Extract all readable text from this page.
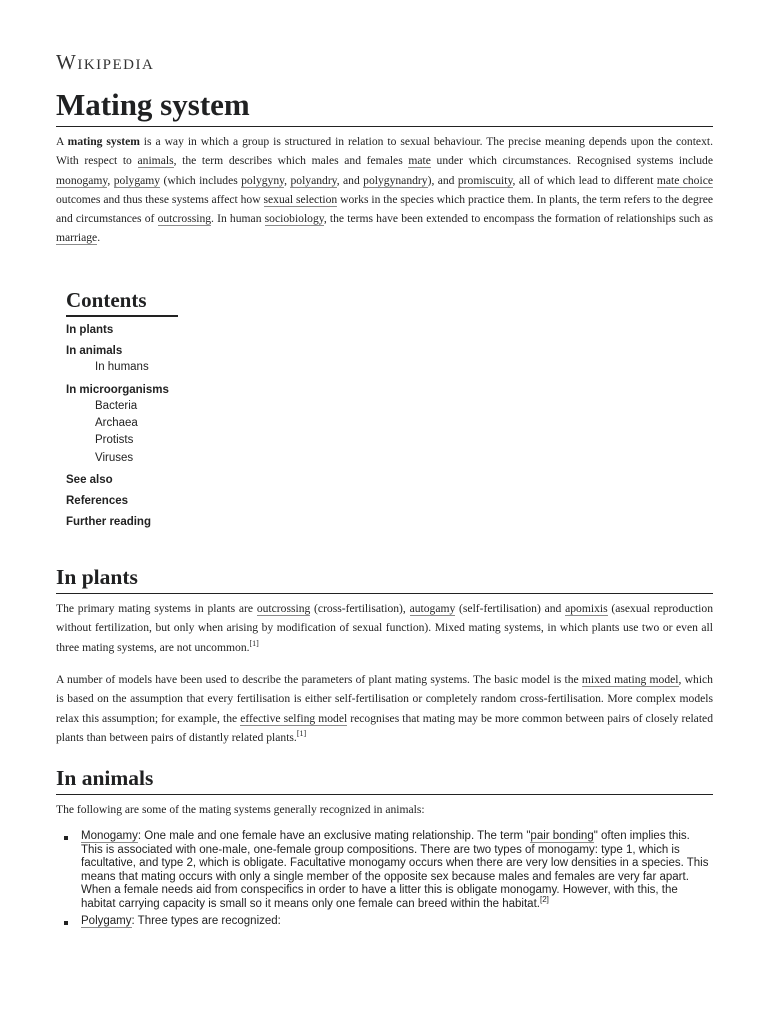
Wikipedia
Mating system

A mating system is a way in which a group is structured in relation to sexual behaviour. The precise meaning depends upon the context. With respect to animals, the term describes which males and females mate under which circumstances. Recognised systems include monogamy, polygamy (which includes polygyny, polyandry, and polygynandry), and promiscuity, all of which lead to different mate choice outcomes and thus these systems affect how sexual selection works in the species which practice them. In plants, the term refers to the degree and circumstances of outcrossing. In human sociobiology, the terms have been extended to encompass the formation of relationships such as marriage.

Contents
In plants
In animals
In humans
In microorganisms
Bacteria
Archaea
Protists
Viruses
See also
References
Further reading
In plants

The primary mating systems in plants are outcrossing (cross-fertilisation), autogamy (self-fertilisation) and apomixis (asexual reproduction without fertilization, but only when arising by modification of sexual function). Mixed mating systems, in which plants use two or even all three mating systems, are not uncommon.[1]

A number of models have been used to describe the parameters of plant mating systems. The basic model is the mixed mating model, which is based on the assumption that every fertilisation is either self-fertilisation or completely random cross-fertilisation. More complex models relax this assumption; for example, the effective selfing model recognises that mating may be more common between pairs of closely related plants than between pairs of distantly related plants.[1]

In animals

The following are some of the mating systems generally recognized in animals:

Monogamy: One male and one female have an exclusive mating relationship. The term "pair bonding" often implies this. This is associated with one-male, one-female group compositions. There are two types of monogamy: type 1, which is facultative, and type 2, which is obligate. Facultative monogamy occurs when there are very low densities in a species. This means that mating occurs with only a single member of the opposite sex because males and females are very far apart. When a female needs aid from conspecifics in order to have a litter this is obligate monogamy. However, with this, the habitat carrying capacity is small so it means only one female can breed within the habitat.[2]
Polygamy: Three types are recognized:
